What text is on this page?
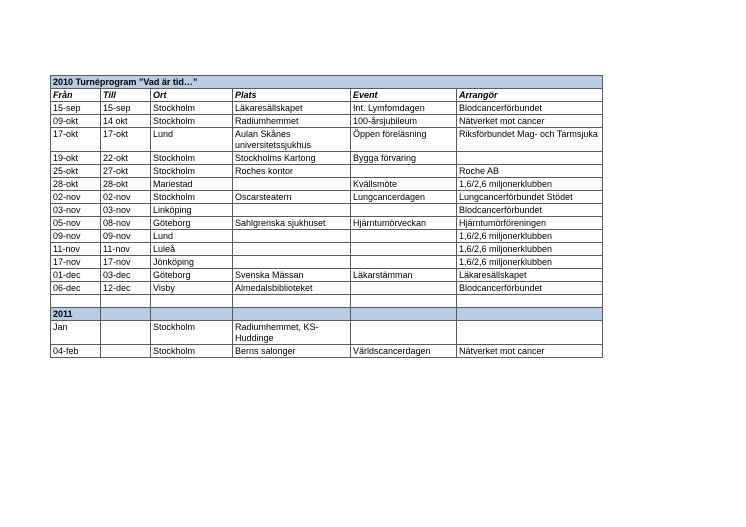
2010 Turnéprogram ”Vad är tid…”					
Från	Till	Ort	Plats	Event	Arrangör
15-sep	15-sep	Stockholm	Läkaresällskapet	Int. Lymfomdagen	Blodcancerförbundet
09-okt	14 okt	Stockholm	Radiumhemmet	100-årsjubileum	Nätverket mot cancer
17-okt	17-okt	Lund	Aulan Skånes universitetssjukhus	Öppen föreläsning	Riksförbundet Mag- och Tarmsjuka
19-okt	22-okt	Stockholm	Stockholms Kartong	Bygga förvaring	
25-okt	27-okt	Stockholm	Roches kontor		Roche AB
28-okt	28-okt	Mariestad		Kvällsmöte	1,6/2,6 miljonerklubben
02-nov	02-nov	Stockholm	Oscarsteatern	Lungcancerdagen	Lungcancerförbundet Stödet
03-nov	03-nov	Linköping			Blodcancerförbundet
05-nov	08-nov	Göteborg	Sahlgrenska sjukhuset	Hjärntumörveckan	Hjärntumörföreningen
09-nov	09-nov	Lund			1,6/2,6 miljonerklubben
11-nov	11-nov	Luleå			1,6/2,6 miljonerklubben
17-nov	17-nov	Jönköping			1,6/2,6 miljonerklubben
01-dec	03-dec	Göteborg	Svenska Mässan	Läkarstämman	Läkaresällskapet
06-dec	12-dec	Visby	Almedalsbiblioteket		Blodcancerförbundet

2011					
Jan		Stockholm	Radiumhemmet, KS-Huddinge		
04-feb		Stockholm	Berns salonger	Världscancerdagen	Nätverket mot cancer
